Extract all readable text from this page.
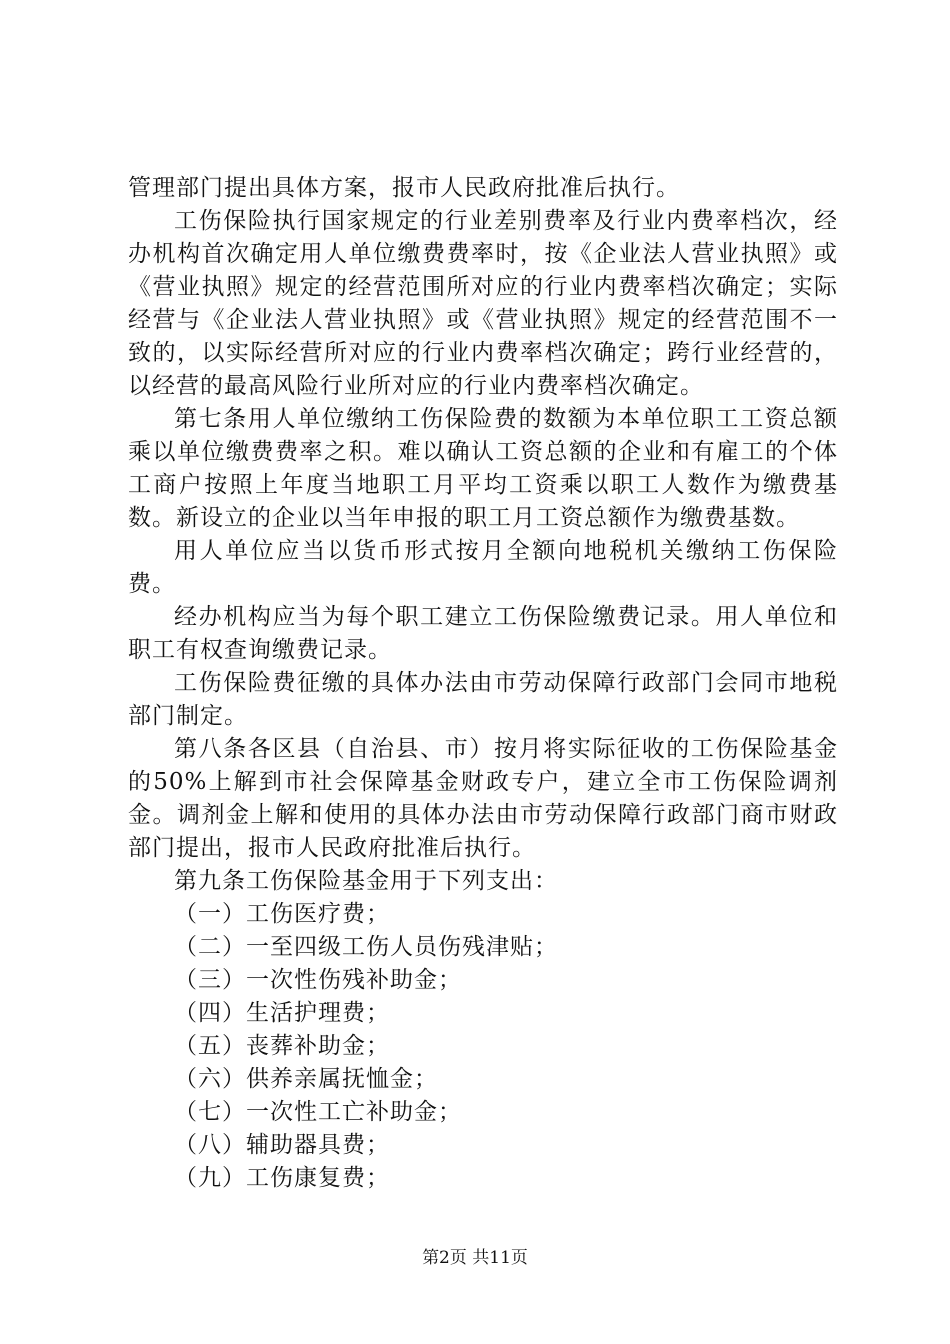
管理部门提出具体方案，报市人民政府批准后执行。

工伤保险执行国家规定的行业差别费率及行业内费率档次，经办机构首次确定用人单位缴费费率时，按《企业法人营业执照》或《营业执照》规定的经营范围所对应的行业内费率档次确定；实际经营与《企业法人营业执照》或《营业执照》规定的经营范围不一致的，以实际经营所对应的行业内费率档次确定；跨行业经营的，以经营的最高风险行业所对应的行业内费率档次确定。

第七条用人单位缴纳工伤保险费的数额为本单位职工工资总额乘以单位缴费费率之积。难以确认工资总额的企业和有雇工的个体工商户按照上年度当地职工月平均工资乘以职工人数作为缴费基数。新设立的企业以当年申报的职工月工资总额作为缴费基数。

用人单位应当以货币形式按月全额向地税机关缴纳工伤保险费。

经办机构应当为每个职工建立工伤保险缴费记录。用人单位和职工有权查询缴费记录。

工伤保险费征缴的具体办法由市劳动保障行政部门会同市地税部门制定。

第八条各区县（自治县、市）按月将实际征收的工伤保险基金的50%上解到市社会保障基金财政专户，建立全市工伤保险调剂金。调剂金上解和使用的具体办法由市劳动保障行政部门商市财政部门提出，报市人民政府批准后执行。

第九条工伤保险基金用于下列支出：

（一）工伤医疗费；

（二）一至四级工伤人员伤残津贴；

（三）一次性伤残补助金；

（四）生活护理费；

（五）丧葬补助金；

（六）供养亲属抚恤金；

（七）一次性工亡补助金；

（八）辅助器具费；

（九）工伤康复费；

第2页 共11页
